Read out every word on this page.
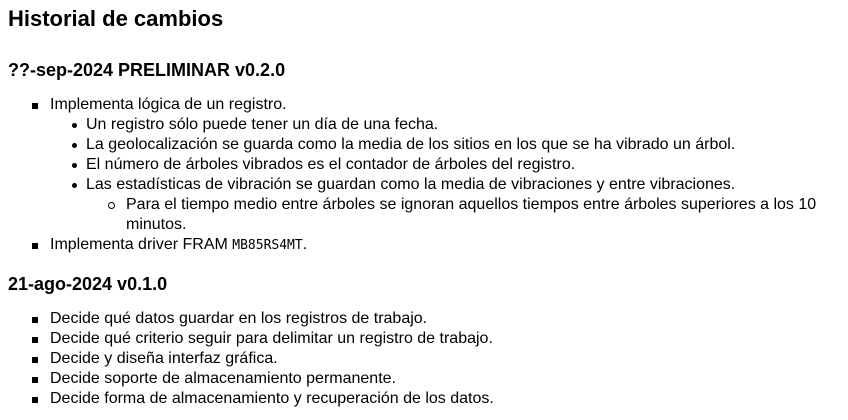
Historial de cambios
??-sep-2024 PRELIMINAR v0.2.0
Implementa lógica de un registro.
Un registro sólo puede tener un día de una fecha.
La geolocalización se guarda como la media de los sitios en los que se ha vibrado un árbol.
El número de árboles vibrados es el contador de árboles del registro.
Las estadísticas de vibración se guardan como la media de vibraciones y entre vibraciones.
Para el tiempo medio entre árboles se ignoran aquellos tiempos entre árboles superiores a los 10 minutos.
Implementa driver FRAM MB85RS4MT.
21-ago-2024 v0.1.0
Decide qué datos guardar en los registros de trabajo.
Decide qué criterio seguir para delimitar un registro de trabajo.
Decide y diseña interfaz gráfica.
Decide soporte de almacenamiento permanente.
Decide forma de almacenamiento y recuperación de los datos.
